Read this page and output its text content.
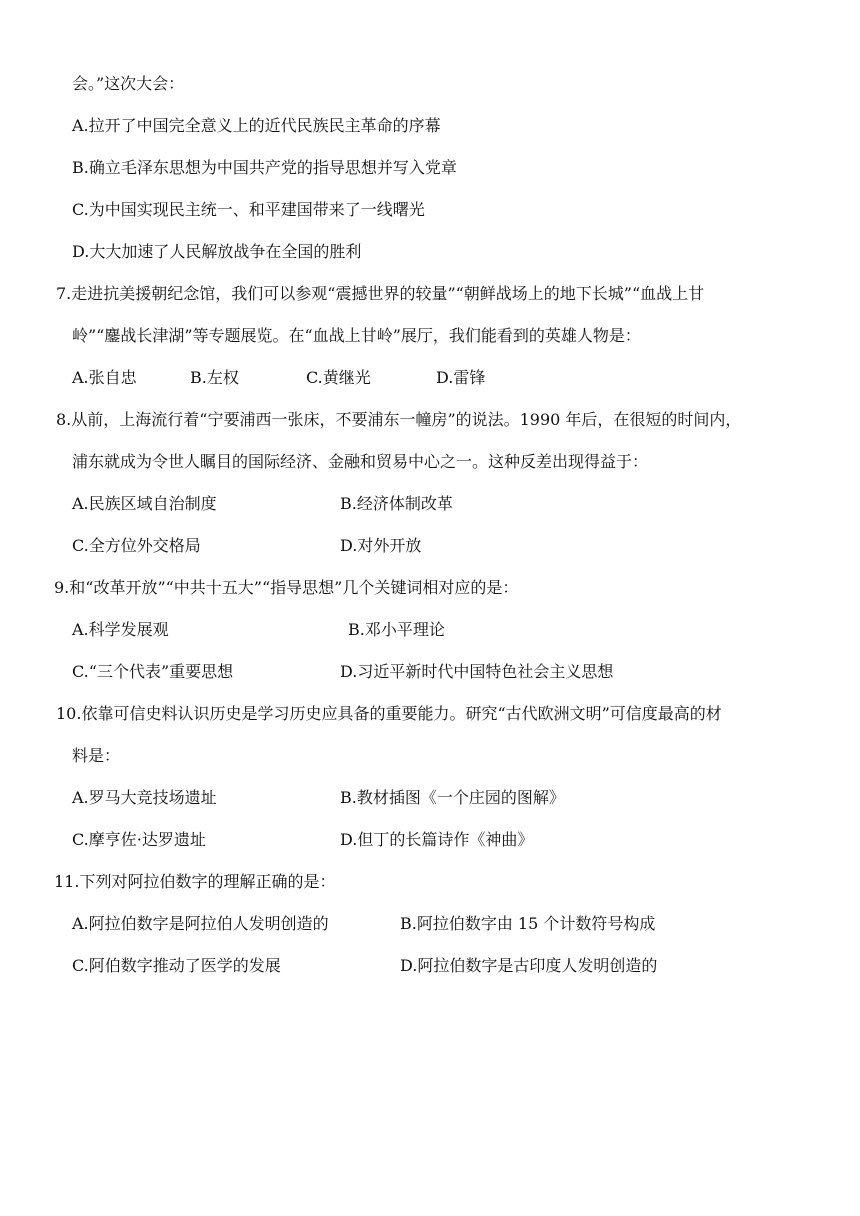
会。”这次大会：
A.拉开了中国完全意义上的近代民族民主革命的序幕
B.确立毛泽东思想为中国共产党的指导思想并写入党章
C.为中国实现民主统一、和平建国带来了一线曙光
D.大大加速了人民解放战争在全国的胜利
7.走进抗美援朝纪念馆，我们可以参观“震撼世界的较量”“朝鲜战场上的地下长城”“血战上甘
岭”“鏖战长津湖”等专题展览。在“血战上甘岭”展厅，我们能看到的英雄人物是：
A.张自忠	B.左权	C.黄继光	D.雷锋
8.从前，上海流行着“宁要浦西一张床，不要浦东一幢房”的说法。1990 年后，在很短的时间内，
浦东就成为令世人瞩目的国际经济、金融和贸易中心之一。这种反差出现得益于：
A.民族区域自治制度	B.经济体制改革
C.全方位外交格局	D.对外开放
9.和“改革开放”“中共十五大”“指导思想”几个关键词相对应的是：
A.科学发展观	B.邓小平理论
C.“三个代表”重要思想	D.习近平新时代中国特色社会主义思想
10.依靠可信史料认识历史是学习历史应具备的重要能力。研究“古代欧洲文明”可信度最高的材
料是：
A.罗马大竞技场遗址	B.教材插图《一个庄园的图解》
C.摩亨佐·达罗遗址	D.但丁的长篇诗作《神曲》
11.下列对阿拉伯数字的理解正确的是：
A.阿拉伯数字是阿拉伯人发明创造的	B.阿拉伯数字由 15 个计数符号构成
C.阿伯数字推动了医学的发展	D.阿拉伯数字是古印度人发明创造的
